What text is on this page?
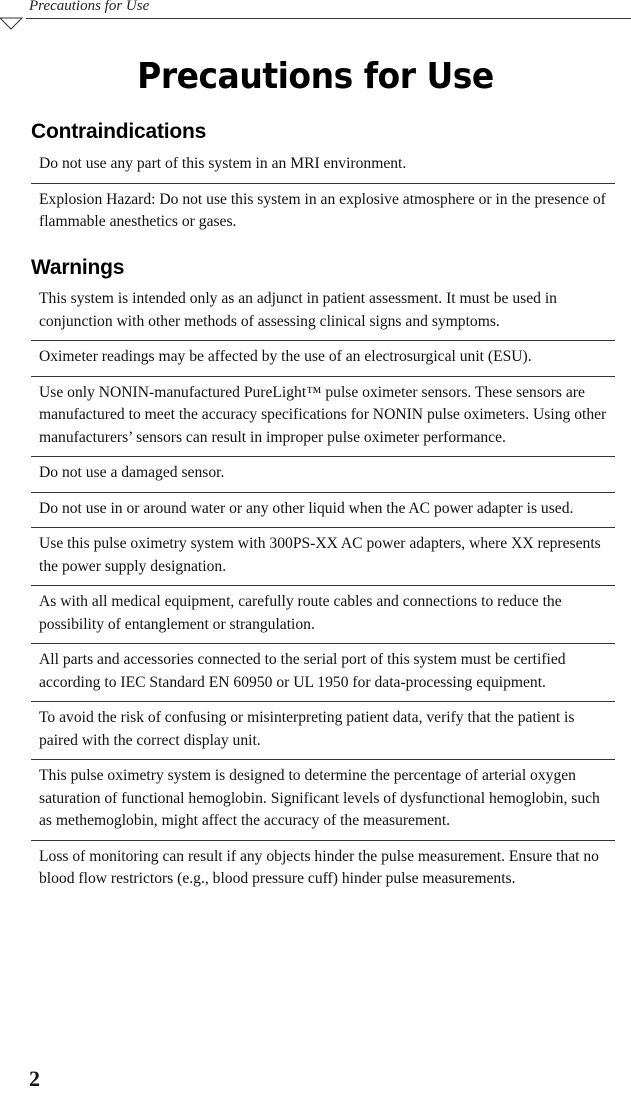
Precautions for Use
Precautions for Use
Contraindications
Do not use any part of this system in an MRI environment.
Explosion Hazard: Do not use this system in an explosive atmosphere or in the presence of flammable anesthetics or gases.
Warnings
This system is intended only as an adjunct in patient assessment. It must be used in conjunction with other methods of assessing clinical signs and symptoms.
Oximeter readings may be affected by the use of an electrosurgical unit (ESU).
Use only NONIN-manufactured PureLight™ pulse oximeter sensors. These sensors are manufactured to meet the accuracy specifications for NONIN pulse oximeters. Using other manufacturers’ sensors can result in improper pulse oximeter performance.
Do not use a damaged sensor.
Do not use in or around water or any other liquid when the AC power adapter is used.
Use this pulse oximetry system with 300PS-XX AC power adapters, where XX represents the power supply designation.
As with all medical equipment, carefully route cables and connections to reduce the possibility of entanglement or strangulation.
All parts and accessories connected to the serial port of this system must be certified according to IEC Standard EN 60950 or UL 1950 for data-processing equipment.
To avoid the risk of confusing or misinterpreting patient data, verify that the patient is paired with the correct display unit.
This pulse oximetry system is designed to determine the percentage of arterial oxygen saturation of functional hemoglobin. Significant levels of dysfunctional hemoglobin, such as methemoglobin, might affect the accuracy of the measurement.
Loss of monitoring can result if any objects hinder the pulse measurement. Ensure that no blood flow restrictors (e.g., blood pressure cuff) hinder pulse measurements.
2
